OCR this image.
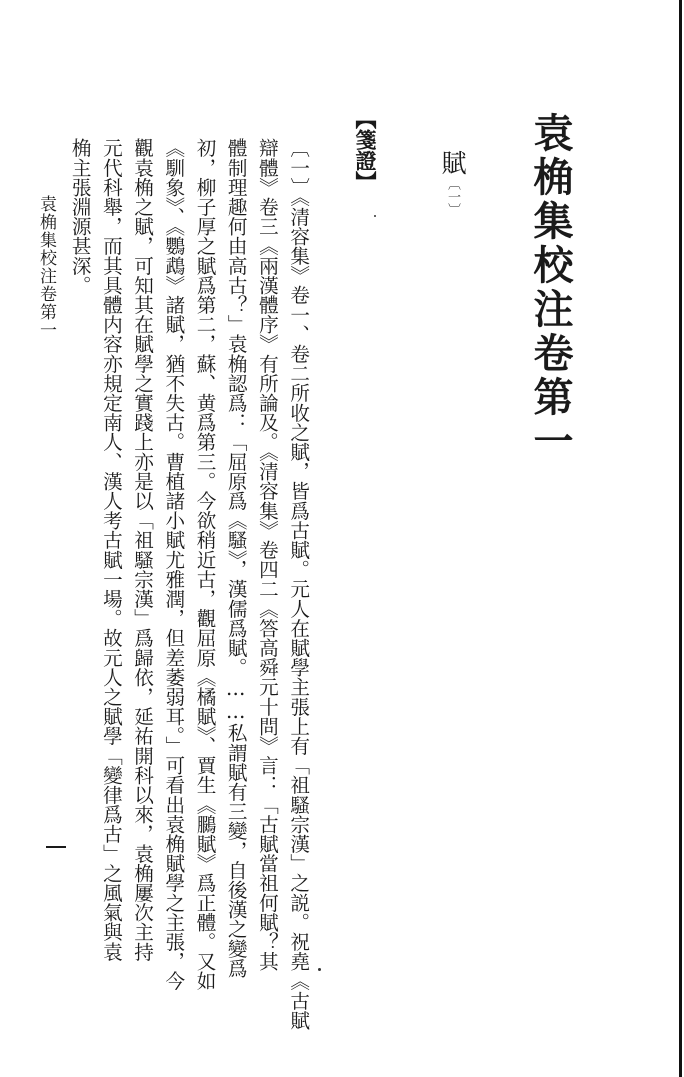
袁桷集校注卷第一
賦〔一〕
【箋證】
〔一〕《清容集》卷一、卷二所收之賦，皆爲古賦。元人在賦學主張上有「祖騷宗漢」之説。祝堯《古賦
辯體》卷三《兩漢體序》有所論及。《清容集》卷四二《答高舜元十問》言：「古賦當祖何賦？其
體制理趣何由高古？」袁桷認爲：「屈原爲《騷》，漢儒爲賦。……私謂賦有三變，自後漢之變爲
初，柳子厚之賦爲第二，蘇、黄爲第三。今欲稍近古，觀屈原《橘賦》、賈生《鵩賦》爲正體。又如
《馴象》、《鸚鵡》諸賦，猶不失古。曹植諸小賦尤雅潤，但差萎弱耳。」可看出袁桷賦學之主張，今
觀袁桷之賦，可知其在賦學之實踐上亦是以「祖騷宗漢」爲歸依，延祐開科以來，袁桷屢次主持
元代科舉，而其具體内容亦規定南人、漢人考古賦一場。故元人之賦學「變律爲古」之風氣與袁
桷主張淵源甚深。
袁桷集校注卷第一
